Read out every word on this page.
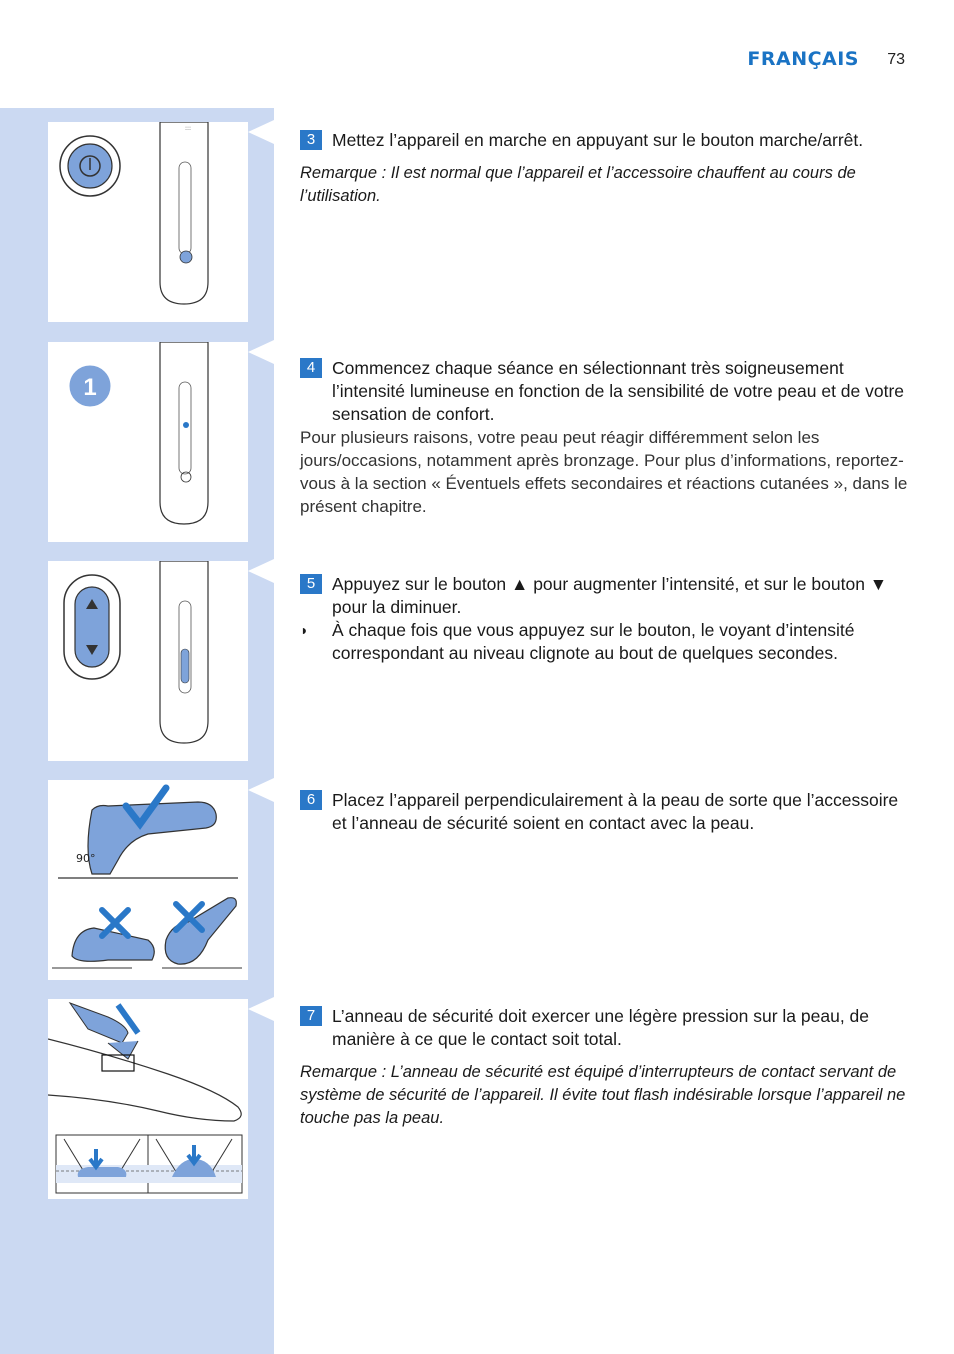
FRANÇAIS 73
:::
1
90°
3 Mettez l’appareil en marche en appuyant sur le bouton marche/arrêt.
Remarque : Il est normal que l’appareil et l’accessoire chauffent au cours de l’utilisation.
4 Commencez chaque séance en sélectionnant très soigneusement l’intensité lumineuse en fonction de la sensibilité de votre peau et de votre sensation de confort.
Pour plusieurs raisons, votre peau peut réagir différemment selon les jours/occasions, notamment après bronzage. Pour plus d’informations, reportez-vous à la section « Éventuels effets secondaires et réactions cutanées », dans le présent chapitre.
5 Appuyez sur le bouton ▲ pour augmenter l’intensité, et sur le bouton ▼ pour la diminuer.
◗	À chaque fois que vous appuyez sur le bouton, le voyant d’intensité correspondant au niveau clignote au bout de quelques secondes.
6 Placez l’appareil perpendiculairement à la peau de sorte que l’accessoire et l’anneau de sécurité soient en contact avec la peau.
7 L’anneau de sécurité doit exercer une légère pression sur la peau, de manière à ce que le contact soit total.
Remarque : L’anneau de sécurité est équipé d’interrupteurs de contact servant de système de sécurité de l’appareil. Il évite tout flash indésirable lorsque l’appareil ne touche pas la peau.
